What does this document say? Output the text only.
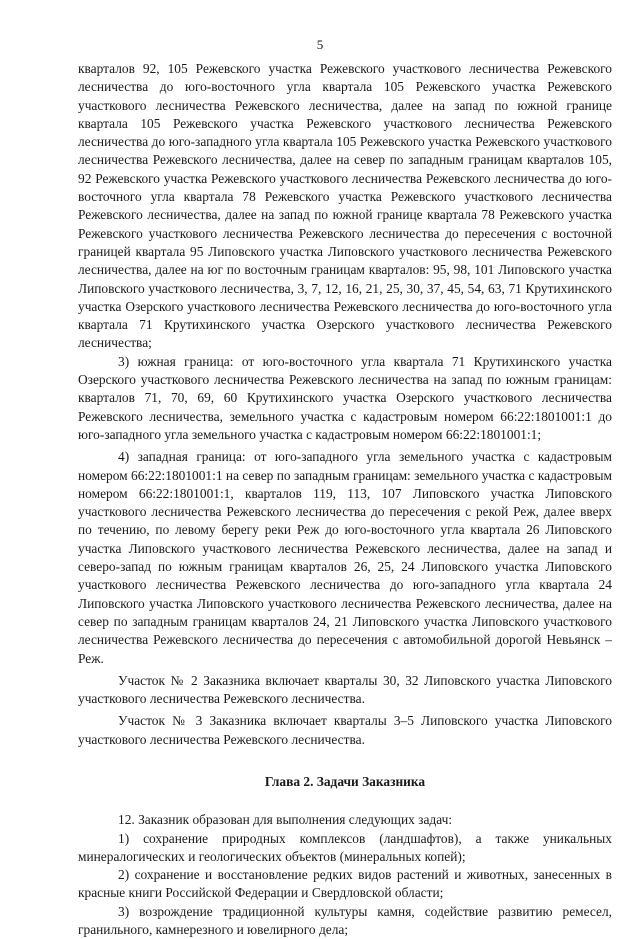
5

кварталов 92, 105 Режевского участка Режевского участкового лесничества Режевского лесничества до юго-восточного угла квартала 105 Режевского участка Режевского участкового лесничества Режевского лесничества, далее на запад по южной границе квартала 105 Режевского участка Режевского участкового лесничества Режевского лесничества до юго-западного угла квартала 105 Режевского участка Режевского участкового лесничества Режевского лесничества, далее на север по западным границам кварталов 105, 92 Режевского участка Режевского участкового лесничества Режевского лесничества до юго-восточного угла квартала 78 Режевского участка Режевского участкового лесничества Режевского лесничества, далее на запад по южной границе квартала 78 Режевского участка Режевского участкового лесничества Режевского лесничества до пересечения с восточной границей квартала 95 Липовского участка Липовского участкового лесничества Режевского лесничества, далее на юг по восточным границам кварталов: 95, 98, 101 Липовского участка Липовского участкового лесничества, 3, 7, 12, 16, 21, 25, 30, 37, 45, 54, 63, 71 Крутихинского участка Озерского участкового лесничества Режевского лесничества до юго-восточного угла квартала 71 Крутихинского участка Озерского участкового лесничества Режевского лесничества;

3) южная граница: от юго-восточного угла квартала 71 Крутихинского участка Озерского участкового лесничества Режевского лесничества на запад по южным границам: кварталов 71, 70, 69, 60 Крутихинского участка Озерского участкового лесничества Режевского лесничества, земельного участка с кадастровым номером 66:22:1801001:1 до юго-западного угла земельного участка с кадастровым номером 66:22:1801001:1;

4) западная граница: от юго-западного угла земельного участка с кадастровым номером 66:22:1801001:1 на север по западным границам: земельного участка с кадастровым номером 66:22:1801001:1, кварталов 119, 113, 107 Липовского участка Липовского участкового лесничества Режевского лесничества до пересечения с рекой Реж, далее вверх по течению, по левому берегу реки Реж до юго-восточного угла квартала 26 Липовского участка Липовского участкового лесничества Режевского лесничества, далее на запад и северо-запад по южным границам кварталов 26, 25, 24 Липовского участка Липовского участкового лесничества Режевского лесничества до юго-западного угла квартала 24 Липовского участка Липовского участкового лесничества Режевского лесничества, далее на север по западным границам кварталов 24, 21 Липовского участка Липовского участкового лесничества Режевского лесничества до пересечения с автомобильной дорогой Невьянск – Реж.

Участок № 2 Заказника включает кварталы 30, 32 Липовского участка Липовского участкового лесничества Режевского лесничества.

Участок № 3 Заказника включает кварталы 3–5 Липовского участка Липовского участкового лесничества Режевского лесничества.

Глава 2. Задачи Заказника

12. Заказник образован для выполнения следующих задач:

1) сохранение природных комплексов (ландшафтов), а также уникальных минералогических и геологических объектов (минеральных копей);

2) сохранение и восстановление редких видов растений и животных, занесенных в красные книги Российской Федерации и Свердловской области;

3) возрождение традиционной культуры камня, содействие развитию ремесел, гранильного, камнерезного и ювелирного дела;
